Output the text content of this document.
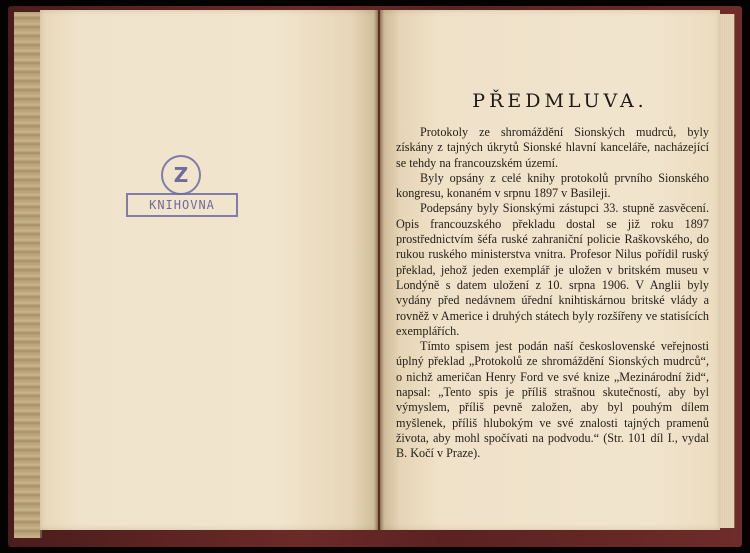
Z
KNIHOVNA
PŘEDMLUVA.

Protokoly ze shromáždění Sionských mudrců, byly získány z tajných úkrytů Sionské hlavní kanceláře, nacházející se tehdy na francouzském území.

Byly opsány z celé knihy protokolů prvního Sionského kongresu, konaném v srpnu 1897 v Basileji.

Podepsány byly Sionskými zástupci 33. stupně zasvěcení. Opis francouzského překladu dostal se již roku 1897 prostřednictvím šéfa ruské zahraniční policie Raškovského, do rukou ruského ministerstva vnitra. Profesor Nilus pořídil ruský překlad, jehož jeden exemplář je uložen v britském museu v Londýně s datem uložení z 10. srpna 1906. V Anglii byly vydány před nedávnem úřední knihtiskárnou britské vlády a rovněž v Americe i druhých státech byly rozšířeny ve statisících exemplářích.

Tímto spisem jest podán naší československé veřejnosti úplný překlad „Protokolů ze shromáždění Sionských mudrců“, o nichž američan Henry Ford ve své knize „Mezinárodní žid“, napsal: „Tento spis je příliš strašnou skutečností, aby byl výmyslem, příliš pevně založen, aby byl pouhým dílem myšlenek, příliš hlubokým ve své znalosti tajných pramenů života, aby mohl spočívati na podvodu.“ (Str. 101 díl I., vydal B. Kočí v Praze).
